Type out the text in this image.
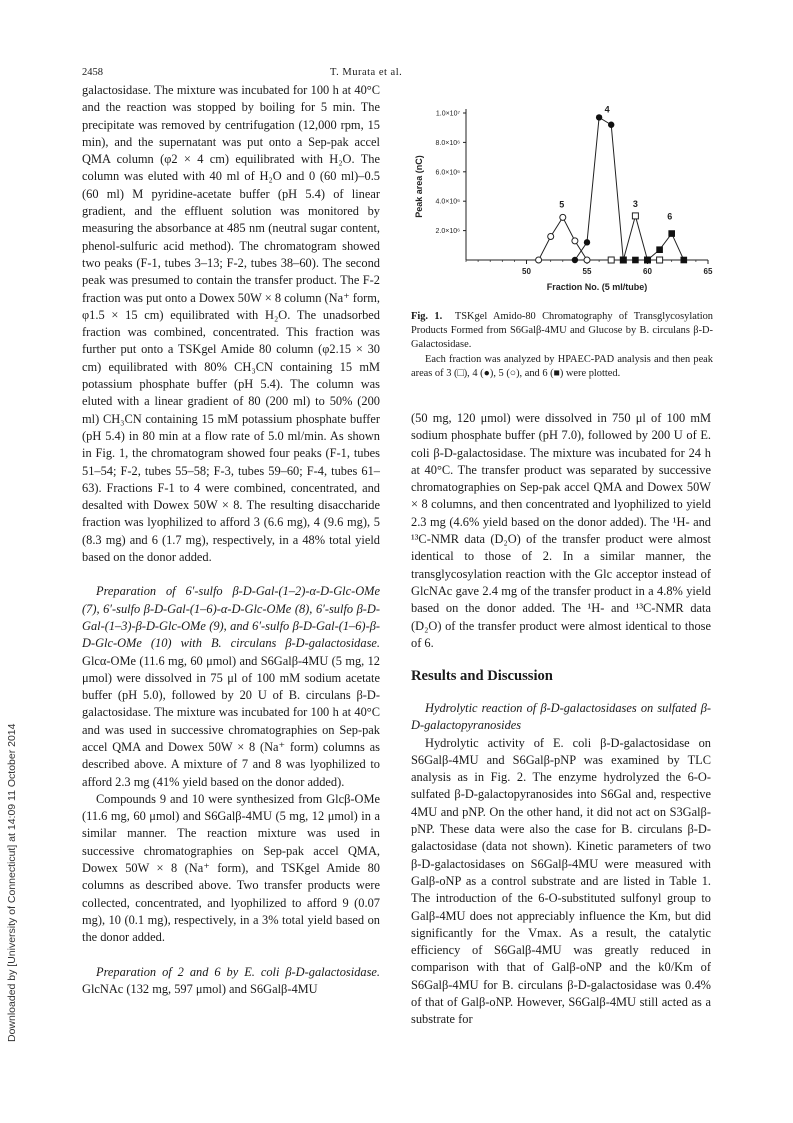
2458	T. Murata et al.
Downloaded by [University of Connecticut] at 14:09 11 October 2014

galactosidase. The mixture was incubated for 100 h at 40°C and the reaction was stopped by boiling for 5 min. The precipitate was removed by centrifugation (12,000 rpm, 15 min), and the supernatant was put onto a Sep-pak accel QMA column (φ2 × 4 cm) equilibrated with H₂O. The column was eluted with 40 ml of H₂O and 0 (60 ml)–0.5 (60 ml) M pyridine-acetate buffer (pH 5.4) of linear gradient, and the effluent solution was monitored by measuring the absorbance at 485 nm (neutral sugar content, phenol-sulfuric acid method). The chromatogram showed two peaks (F-1, tubes 3–13; F-2, tubes 38–60). The second peak was presumed to contain the transfer product. The F-2 fraction was put onto a Dowex 50W × 8 column (Na⁺ form, φ1.5 × 15 cm) equilibrated with H₂O. The unadsorbed fraction was combined, concentrated. This fraction was further put onto a TSKgel Amide 80 column (φ2.15 × 30 cm) equilibrated with 80% CH₃CN containing 15 mM potassium phosphate buffer (pH 5.4). The column was eluted with a linear gradient of 80 (200 ml) to 50% (200 ml) CH₃CN containing 15 mM potassium phosphate buffer (pH 5.4) in 80 min at a flow rate of 5.0 ml/min. As shown in Fig. 1, the chromatogram showed four peaks (F-1, tubes 51–54; F-2, tubes 55–58; F-3, tubes 59–60; F-4, tubes 61–63). Fractions F-1 to 4 were combined, concentrated, and desalted with Dowex 50W × 8. The resulting disaccharide fraction was lyophilized to afford 3 (6.6 mg), 4 (9.6 mg), 5 (8.3 mg) and 6 (1.7 mg), respectively, in a 48% total yield based on the donor added.

Preparation of 6′-sulfo β-D-Gal-(1–2)-α-D-Glc-OMe (7), 6′-sulfo β-D-Gal-(1–6)-α-D-Glc-OMe (8), 6′-sulfo β-D-Gal-(1–3)-β-D-Glc-OMe (9), and 6′-sulfo β-D-Gal-(1–6)-β-D-Glc-OMe (10) with B. circulans β-D-galactosidase. Glcα-OMe (11.6 mg, 60 μmol) and S6Galβ-4MU (5 mg, 12 μmol) were dissolved in 75 μl of 100 mM sodium acetate buffer (pH 5.0), followed by 20 U of B. circulans β-D-galactosidase. The mixture was incubated for 100 h at 40°C and was used in successive chromatographies on Sep-pak accel QMA and Dowex 50W × 8 (Na⁺ form) columns as described above. A mixture of 7 and 8 was lyophilized to afford 2.3 mg (41% yield based on the donor added).

Compounds 9 and 10 were synthesized from Glcβ-OMe (11.6 mg, 60 μmol) and S6Galβ-4MU (5 mg, 12 μmol) in a similar manner. The reaction mixture was used in successive chromatographies on Sep-pak accel QMA, Dowex 50W × 8 (Na⁺ form), and TSKgel Amide 80 columns as described above. Two transfer products were collected, concentrated, and lyophilized to afford 9 (0.07 mg), 10 (0.1 mg), respectively, in a 3% total yield based on the donor added.

Preparation of 2 and 6 by E. coli β-D-galactosidase. GlcNAc (132 mg, 597 μmol) and S6Galβ-4MU

50	55	60	65
2.0×10⁶
4.0×10⁶
6.0×10⁶
8.0×10⁶
1.0×10⁷
Fraction No. (5 ml/tube)
Peak area (nC)	5
4
3
6

Fig. 1. TSKgel Amido-80 Chromatography of Transglycosylation Products Formed from S6Galβ-4MU and Glucose by B. circulans β-D-Galactosidase.

Each fraction was analyzed by HPAEC-PAD analysis and then peak areas of 3 (□), 4 (●), 5 (○), and 6 (■) were plotted.

(50 mg, 120 μmol) were dissolved in 750 μl of 100 mM sodium phosphate buffer (pH 7.0), followed by 200 U of E. coli β-D-galactosidase. The mixture was incubated for 24 h at 40°C. The transfer product was separated by successive chromatographies on Sep-pak accel QMA and Dowex 50W × 8 columns, and then concentrated and lyophilized to yield 2.3 mg (4.6% yield based on the donor added). The ¹H- and ¹³C-NMR data (D₂O) of the transfer product were almost identical to those of 2. In a similar manner, the transglycosylation reaction with the Glc acceptor instead of GlcNAc gave 2.4 mg of the transfer product in a 4.8% yield based on the donor added. The ¹H- and ¹³C-NMR data (D₂O) of the transfer product were almost identical to those of 6.

Results and Discussion

Hydrolytic reaction of β-D-galactosidases on sulfated β-D-galactopyranosides

Hydrolytic activity of E. coli β-D-galactosidase on S6Galβ-4MU and S6Galβ-pNP was examined by TLC analysis as in Fig. 2. The enzyme hydrolyzed the 6-O-sulfated β-D-galactopyranosides into S6Gal and, respective 4MU and pNP. On the other hand, it did not act on S3Galβ-pNP. These data were also the case for B. circulans β-D-galactosidase (data not shown). Kinetic parameters of two β-D-galactosidases on S6Galβ-4MU were measured with Galβ-oNP as a control substrate and are listed in Table 1. The introduction of the 6-O-substituted sulfonyl group to Galβ-4MU does not appreciably influence the Km, but did significantly for the Vmax. As a result, the catalytic efficiency of S6Galβ-4MU was greatly reduced in comparison with that of Galβ-oNP and the k0/Km of S6Galβ-4MU for B. circulans β-D-galactosidase was 0.4% of that of Galβ-oNP. However, S6Galβ-4MU still acted as a substrate for
